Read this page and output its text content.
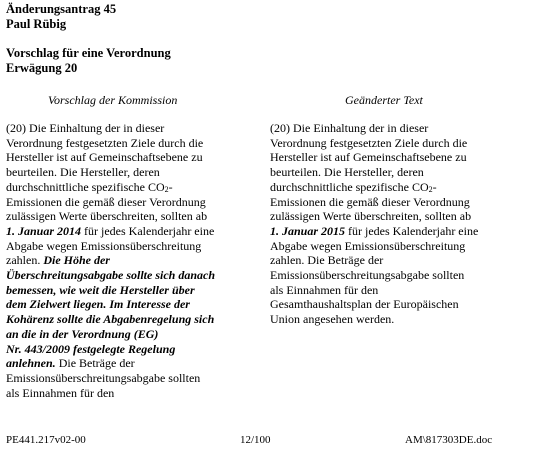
Änderungsantrag 45
Paul Rübig
Vorschlag für eine Verordnung
Erwägung 20
Vorschlag der Kommission	Geänderter Text
(20) Die Einhaltung der in dieser
Verordnung festgesetzten Ziele durch die
Hersteller ist auf Gemeinschaftsebene zu
beurteilen. Die Hersteller, deren
durchschnittliche spezifische $CO_2-$
Emissionen die gemäß dieser Verordnung
zulässigen Werte überschreiten, sollten ab
1. Januar 2014 für jedes Kalenderjahr eine
Abgabe wegen Emissionsüberschreitung
zahlen. Die Höhe der
Überschreitungsabgabe sollte sich danach
bemessen, wie weit die Hersteller über
dem Zielwert liegen. Im Interesse der
Kohärenz sollte die Abgabenregelung sich
an die in der Verordnung (EG)
Nr. 443/2009 festgelegte Regelung
anlehnen. Die Beträge der
Emissionsüberschreitungsabgabe sollten
als Einnahmen für den
(20) Die Einhaltung der in dieser
Verordnung festgesetzten Ziele durch die
Hersteller ist auf Gemeinschaftsebene zu
beurteilen. Die Hersteller, deren
durchschnittliche spezifische $CO_2-$
Emissionen die gemäß dieser Verordnung
zulässigen Werte überschreiten, sollten ab
1. Januar 2015 für jedes Kalenderjahr eine
Abgabe wegen Emissionsüberschreitung
zahlen. Die Beträge der
Emissionsüberschreitungsabgabe sollten
als Einnahmen für den
Gesamthaushaltsplan der Europäischen
Union angesehen werden.
PE441.217v02-00	12/100	AM\817303DE.doc
